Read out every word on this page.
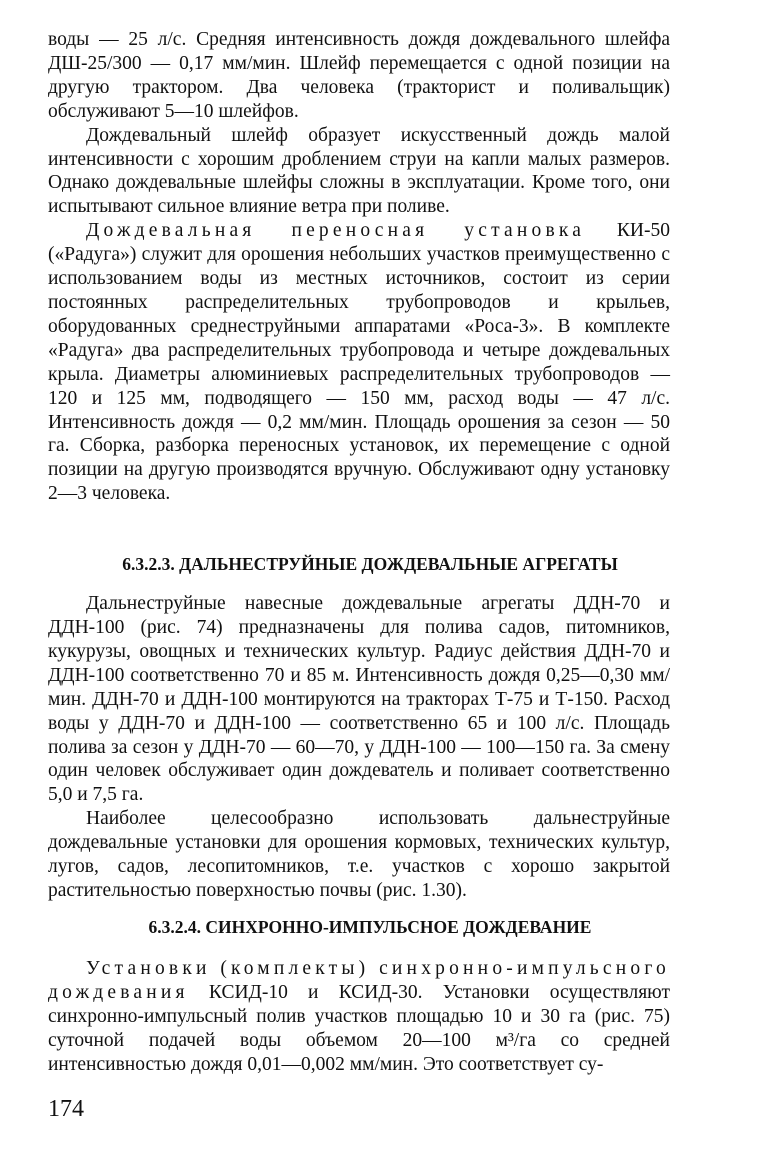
воды — 25 л/с. Средняя интенсивность дождя дождевального шлейфа ДШ-25/300 — 0,17 мм/мин. Шлейф перемещается с одной позиции на другую трактором. Два человека (тракторист и поливальщик) обслуживают 5—10 шлейфов.

Дождевальный шлейф образует искусственный дождь малой интенсивности с хорошим дроблением струи на капли малых размеров. Однако дождевальные шлейфы сложны в эксплуатации. Кроме того, они испытывают сильное влияние ветра при поливе.

Дождевальная переносная установка КИ-50 («Радуга») служит для орошения небольших участков преимущественно с использованием воды из местных источников, состоит из серии постоянных распределительных трубопроводов и крыльев, оборудованных среднеструйными аппаратами «Роса-3». В комплекте «Радуга» два распределительных трубопровода и четыре дождевальных крыла. Диаметры алюминиевых распределительных трубопроводов — 120 и 125 мм, подводящего — 150 мм, расход воды — 47 л/с. Интенсивность дождя — 0,2 мм/мин. Площадь орошения за сезон — 50 га. Сборка, разборка переносных установок, их перемещение с одной позиции на другую производятся вручную. Обслуживают одну установку 2—3 человека.

6.3.2.3. ДАЛЬНЕСТРУЙНЫЕ ДОЖДЕВАЛЬНЫЕ АГРЕГАТЫ

Дальнеструйные навесные дождевальные агрегаты ДДН-70 и ДДН-100 (рис. 74) предназначены для полива садов, питомников, кукурузы, овощных и технических культур. Радиус действия ДДН-70 и ДДН-100 соответственно 70 и 85 м. Интенсивность дождя 0,25—0,30 мм/мин. ДДН-70 и ДДН-100 монтируются на тракторах Т-75 и Т-150. Расход воды у ДДН-70 и ДДН-100 — соответственно 65 и 100 л/с. Площадь полива за сезон у ДДН-70 — 60—70, у ДДН-100 — 100—150 га. За смену один человек обслуживает один дождеватель и поливает соответственно 5,0 и 7,5 га.

Наиболее целесообразно использовать дальнеструйные дождевальные установки для орошения кормовых, технических культур, лугов, садов, лесопитомников, т.е. участков с хорошо закрытой растительностью поверхностью почвы (рис. 1.30).

6.3.2.4. СИНХРОННО-ИМПУЛЬСНОЕ ДОЖДЕВАНИЕ

Установки (комплекты) синхронно-импульсного дождевания КСИД-10 и КСИД-30. Установки осуществляют синхронно-импульсный полив участков площадью 10 и 30 га (рис. 75) суточной подачей воды объемом 20—100 м³/га со средней интенсивностью дождя 0,01—0,002 мм/мин. Это соответствует су-

174
